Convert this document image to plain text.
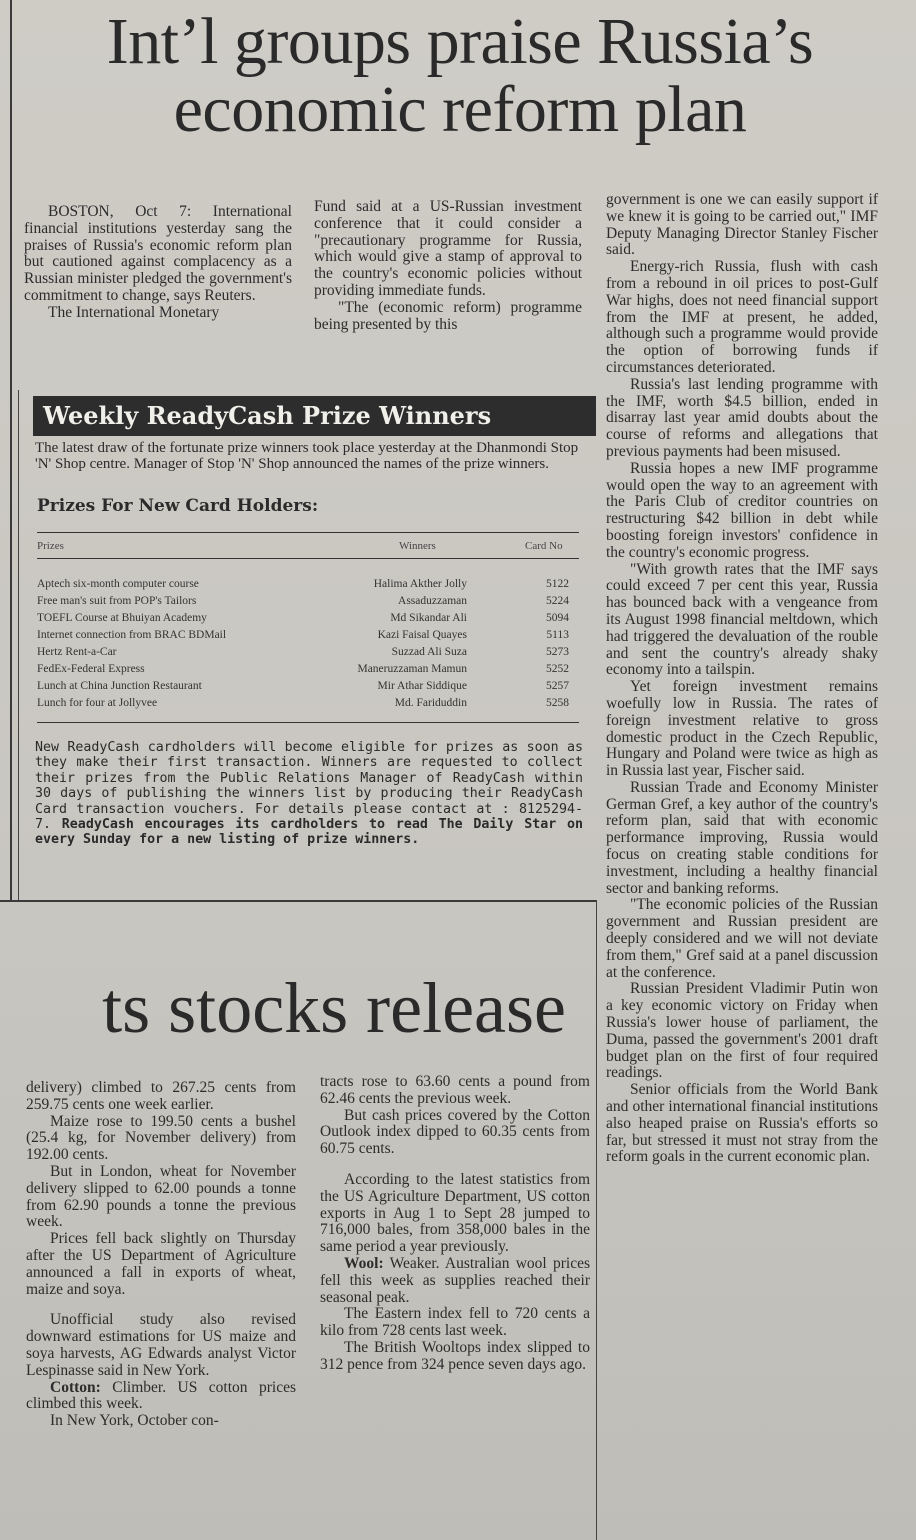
Int’l groups praise Russia’s economic reform plan

BOSTON, Oct 7: International financial institutions yesterday sang the praises of Russia's economic reform plan but cautioned against complacency as a Russian minister pledged the government's commitment to change, says Reuters.

The International Monetary

Fund said at a US-Russian investment conference that it could consider a "precautionary programme for Russia, which would give a stamp of approval to the country's economic policies without providing immediate funds.

"The (economic reform) programme being presented by this

government is one we can easily support if we knew it is going to be carried out," IMF Deputy Managing Director Stanley Fischer said.

Energy-rich Russia, flush with cash from a rebound in oil prices to post-Gulf War highs, does not need financial support from the IMF at present, he added, although such a programme would provide the option of borrowing funds if circumstances deteriorated.

Russia's last lending programme with the IMF, worth $4.5 billion, ended in disarray last year amid doubts about the course of reforms and allegations that previous payments had been misused.

Russia hopes a new IMF programme would open the way to an agreement with the Paris Club of creditor countries on restructuring $42 billion in debt while boosting foreign investors' confidence in the country's economic progress.

"With growth rates that the IMF says could exceed 7 per cent this year, Russia has bounced back with a vengeance from its August 1998 financial meltdown, which had triggered the devaluation of the rouble and sent the country's already shaky economy into a tailspin.

Yet foreign investment remains woefully low in Russia. The rates of foreign investment relative to gross domestic product in the Czech Republic, Hungary and Poland were twice as high as in Russia last year, Fischer said.

Russian Trade and Economy Minister German Gref, a key author of the country's reform plan, said that with economic performance improving, Russia would focus on creating stable conditions for investment, including a healthy financial sector and banking reforms.

"The economic policies of the Russian government and Russian president are deeply considered and we will not deviate from them," Gref said at a panel discussion at the conference.

Russian President Vladimir Putin won a key economic victory on Friday when Russia's lower house of parliament, the Duma, passed the government's 2001 draft budget plan on the first of four required readings.

Senior officials from the World Bank and other international financial institutions also heaped praise on Russia's efforts so far, but stressed it must not stray from the reform goals in the current economic plan.

Weekly ReadyCash Prize Winners
The latest draw of the fortunate prize winners took place yesterday at the Dhanmondi Stop 'N' Shop centre. Manager of Stop 'N' Shop announced the names of the prize winners.
Prizes For New Card Holders:
Prizes	Winners	Card No
Aptech six-month computer course	Halima Akther Jolly	5122
Free man's suit from POP's Tailors	Assaduzzaman	5224
TOEFL Course at Bhuiyan Academy	Md Sikandar Ali	5094
Internet connection from BRAC BDMail	Kazi Faisal Quayes	5113
Hertz Rent-a-Car	Suzzad Ali Suza	5273
FedEx-Federal Express	Maneruzzaman Mamun	5252
Lunch at China Junction Restaurant	Mir Athar Siddique	5257
Lunch for four at Jollyvee	Md. Fariduddin	5258
New ReadyCash cardholders will become eligible for prizes as soon as they make their first transaction. Winners are requested to collect their prizes from the Public Relations Manager of ReadyCash within 30 days of publishing the winners list by producing their ReadyCash Card transaction vouchers. For details please contact at : 8125294-7. ReadyCash encourages its cardholders to read The Daily Star on every Sunday for a new listing of prize winners.
ts stocks release

delivery) climbed to 267.25 cents from 259.75 cents one week earlier.

Maize rose to 199.50 cents a bushel (25.4 kg, for November delivery) from 192.00 cents.

But in London, wheat for November delivery slipped to 62.00 pounds a tonne from 62.90 pounds a tonne the previous week.

Prices fell back slightly on Thursday after the US Department of Agriculture announced a fall in exports of wheat, maize and soya.

Unofficial study also revised downward estimations for US maize and soya harvests, AG Edwards analyst Victor Lespinasse said in New York.

Cotton: Climber. US cotton prices climbed this week.

In New York, October con-

tracts rose to 63.60 cents a pound from 62.46 cents the previous week.

But cash prices covered by the Cotton Outlook index dipped to 60.35 cents from 60.75 cents.

According to the latest statistics from the US Agriculture Department, US cotton exports in Aug 1 to Sept 28 jumped to 716,000 bales, from 358,000 bales in the same period a year previously.

Wool: Weaker. Australian wool prices fell this week as supplies reached their seasonal peak.

The Eastern index fell to 720 cents a kilo from 728 cents last week.

The British Wooltops index slipped to 312 pence from 324 pence seven days ago.
